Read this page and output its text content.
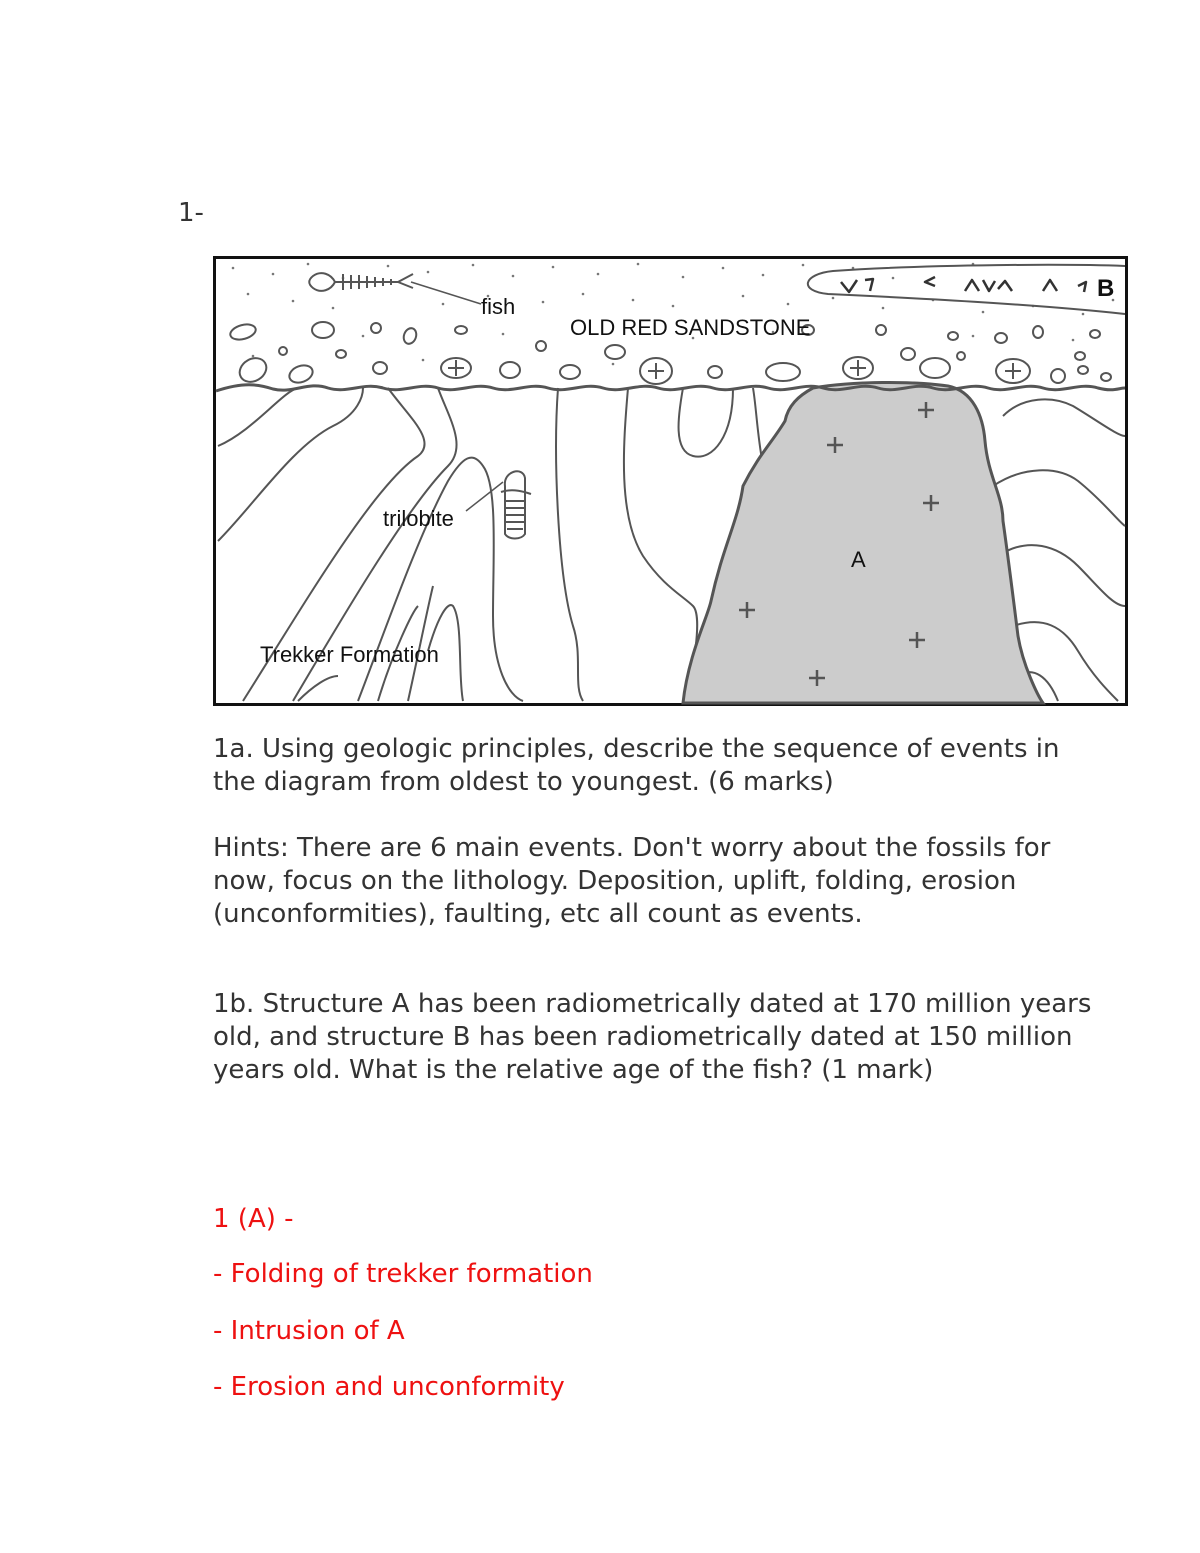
1-
fish
OLD RED SANDSTONE
B
trilobite
A
Trekker Formation

1a. Using geologic principles, describe the sequence of events in the diagram from oldest to youngest. (6 marks)

Hints: There are 6 main events. Don't worry about the fossils for now, focus on the lithology. Deposition, uplift, folding, erosion (unconformities), faulting, etc all count as events.

1b. Structure A has been radiometrically dated at 170 million years old, and structure B has been radiometrically dated at 150 million years old. What is the relative age of the fish? (1 mark)

1 (A) -

- Folding of trekker formation

- Intrusion of A

- Erosion and unconformity
